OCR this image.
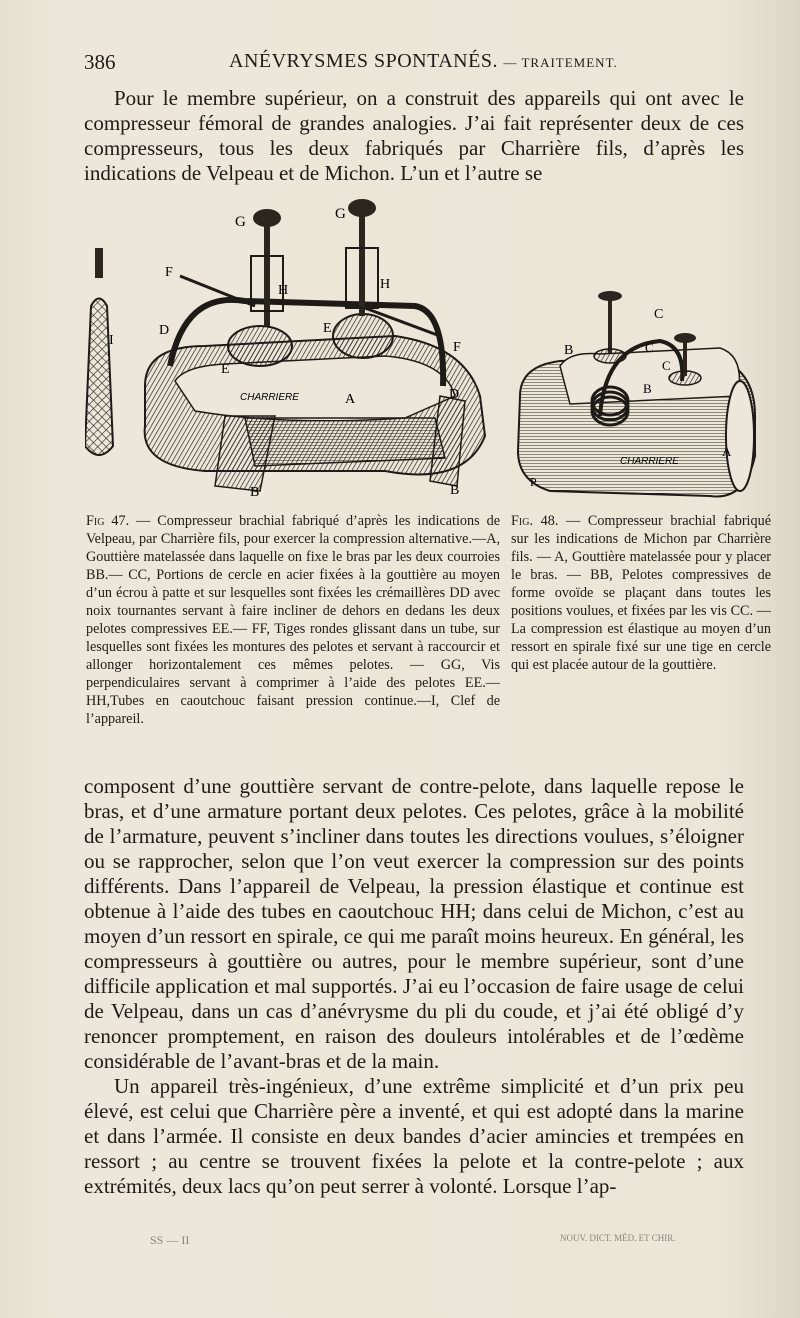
386	ANÉVRYSMES SPONTANÉS. — TRAITEMENT.

Pour le membre supérieur, on a construit des appareils qui ont avec le compresseur fémoral de grandes analogies. J’ai fait représenter deux de ces compresseurs, tous les deux fabriqués par Charrière fils, d’après les indications de Velpeau et de Michon. L’un et l’autre se

G	G
H	H
F
F
D
D
E
E
A
B	B
I
CHARRIERE
B
C
C
C
B
A
P
CHARRIERE
Fig 47. — Compresseur brachial fabriqué d’après les indications de Velpeau, par Charrière fils, pour exercer la compression alternative.—A, Gouttière matelassée dans laquelle on fixe le bras par les deux courroies BB.— CC, Portions de cercle en acier fixées à la gouttière au moyen d’un écrou à patte et sur lesquelles sont fixées les crémaillères DD avec noix tournantes servant à faire incliner de dehors en dedans les deux pelotes compressives EE.— FF, Tiges rondes glissant dans un tube, sur lesquelles sont fixées les montures des pelotes et servant à raccourcir et allonger horizontalement ces mêmes pelotes. — GG, Vis perpendiculaires servant à comprimer à l’aide des pelotes EE.— HH,Tubes en caoutchouc faisant pression continue.—I, Clef de l’appareil.
Fig. 48. — Compresseur brachial fabriqué sur les indications de Michon par Charrière fils. — A, Gouttière matelassée pour y placer le bras. — BB, Pelotes compressives de forme ovoïde se plaçant dans toutes les positions voulues, et fixées par les vis CC. — La compression est élastique au moyen d’un ressort en spirale fixé sur une tige en cercle qui est placée autour de la gouttière.

composent d’une gouttière servant de contre-pelote, dans laquelle repose le bras, et d’une armature portant deux pelotes. Ces pelotes, grâce à la mobilité de l’armature, peuvent s’incliner dans toutes les directions voulues, s’éloigner ou se rapprocher, selon que l’on veut exercer la compression sur des points différents. Dans l’appareil de Velpeau, la pression élastique et continue est obtenue à l’aide des tubes en caoutchouc HH; dans celui de Michon, c’est au moyen d’un ressort en spirale, ce qui me paraît moins heureux. En général, les compresseurs à gouttière ou autres, pour le membre supérieur, sont d’une difficile application et mal supportés. J’ai eu l’occasion de faire usage de celui de Velpeau, dans un cas d’anévrysme du pli du coude, et j’ai été obligé d’y renoncer promptement, en raison des douleurs intolérables et de l’œdème considérable de l’avant-bras et de la main.

Un appareil très-ingénieux, d’une extrême simplicité et d’un prix peu élevé, est celui que Charrière père a inventé, et qui est adopté dans la marine et dans l’armée. Il consiste en deux bandes d’acier amincies et trempées en ressort ; au centre se trouvent fixées la pelote et la contre-pelote ; aux extrémités, deux lacs qu’on peut serrer à volonté. Lorsque l’ap-

SS — II	NOUV. DICT. MÉD. ET CHIR.
